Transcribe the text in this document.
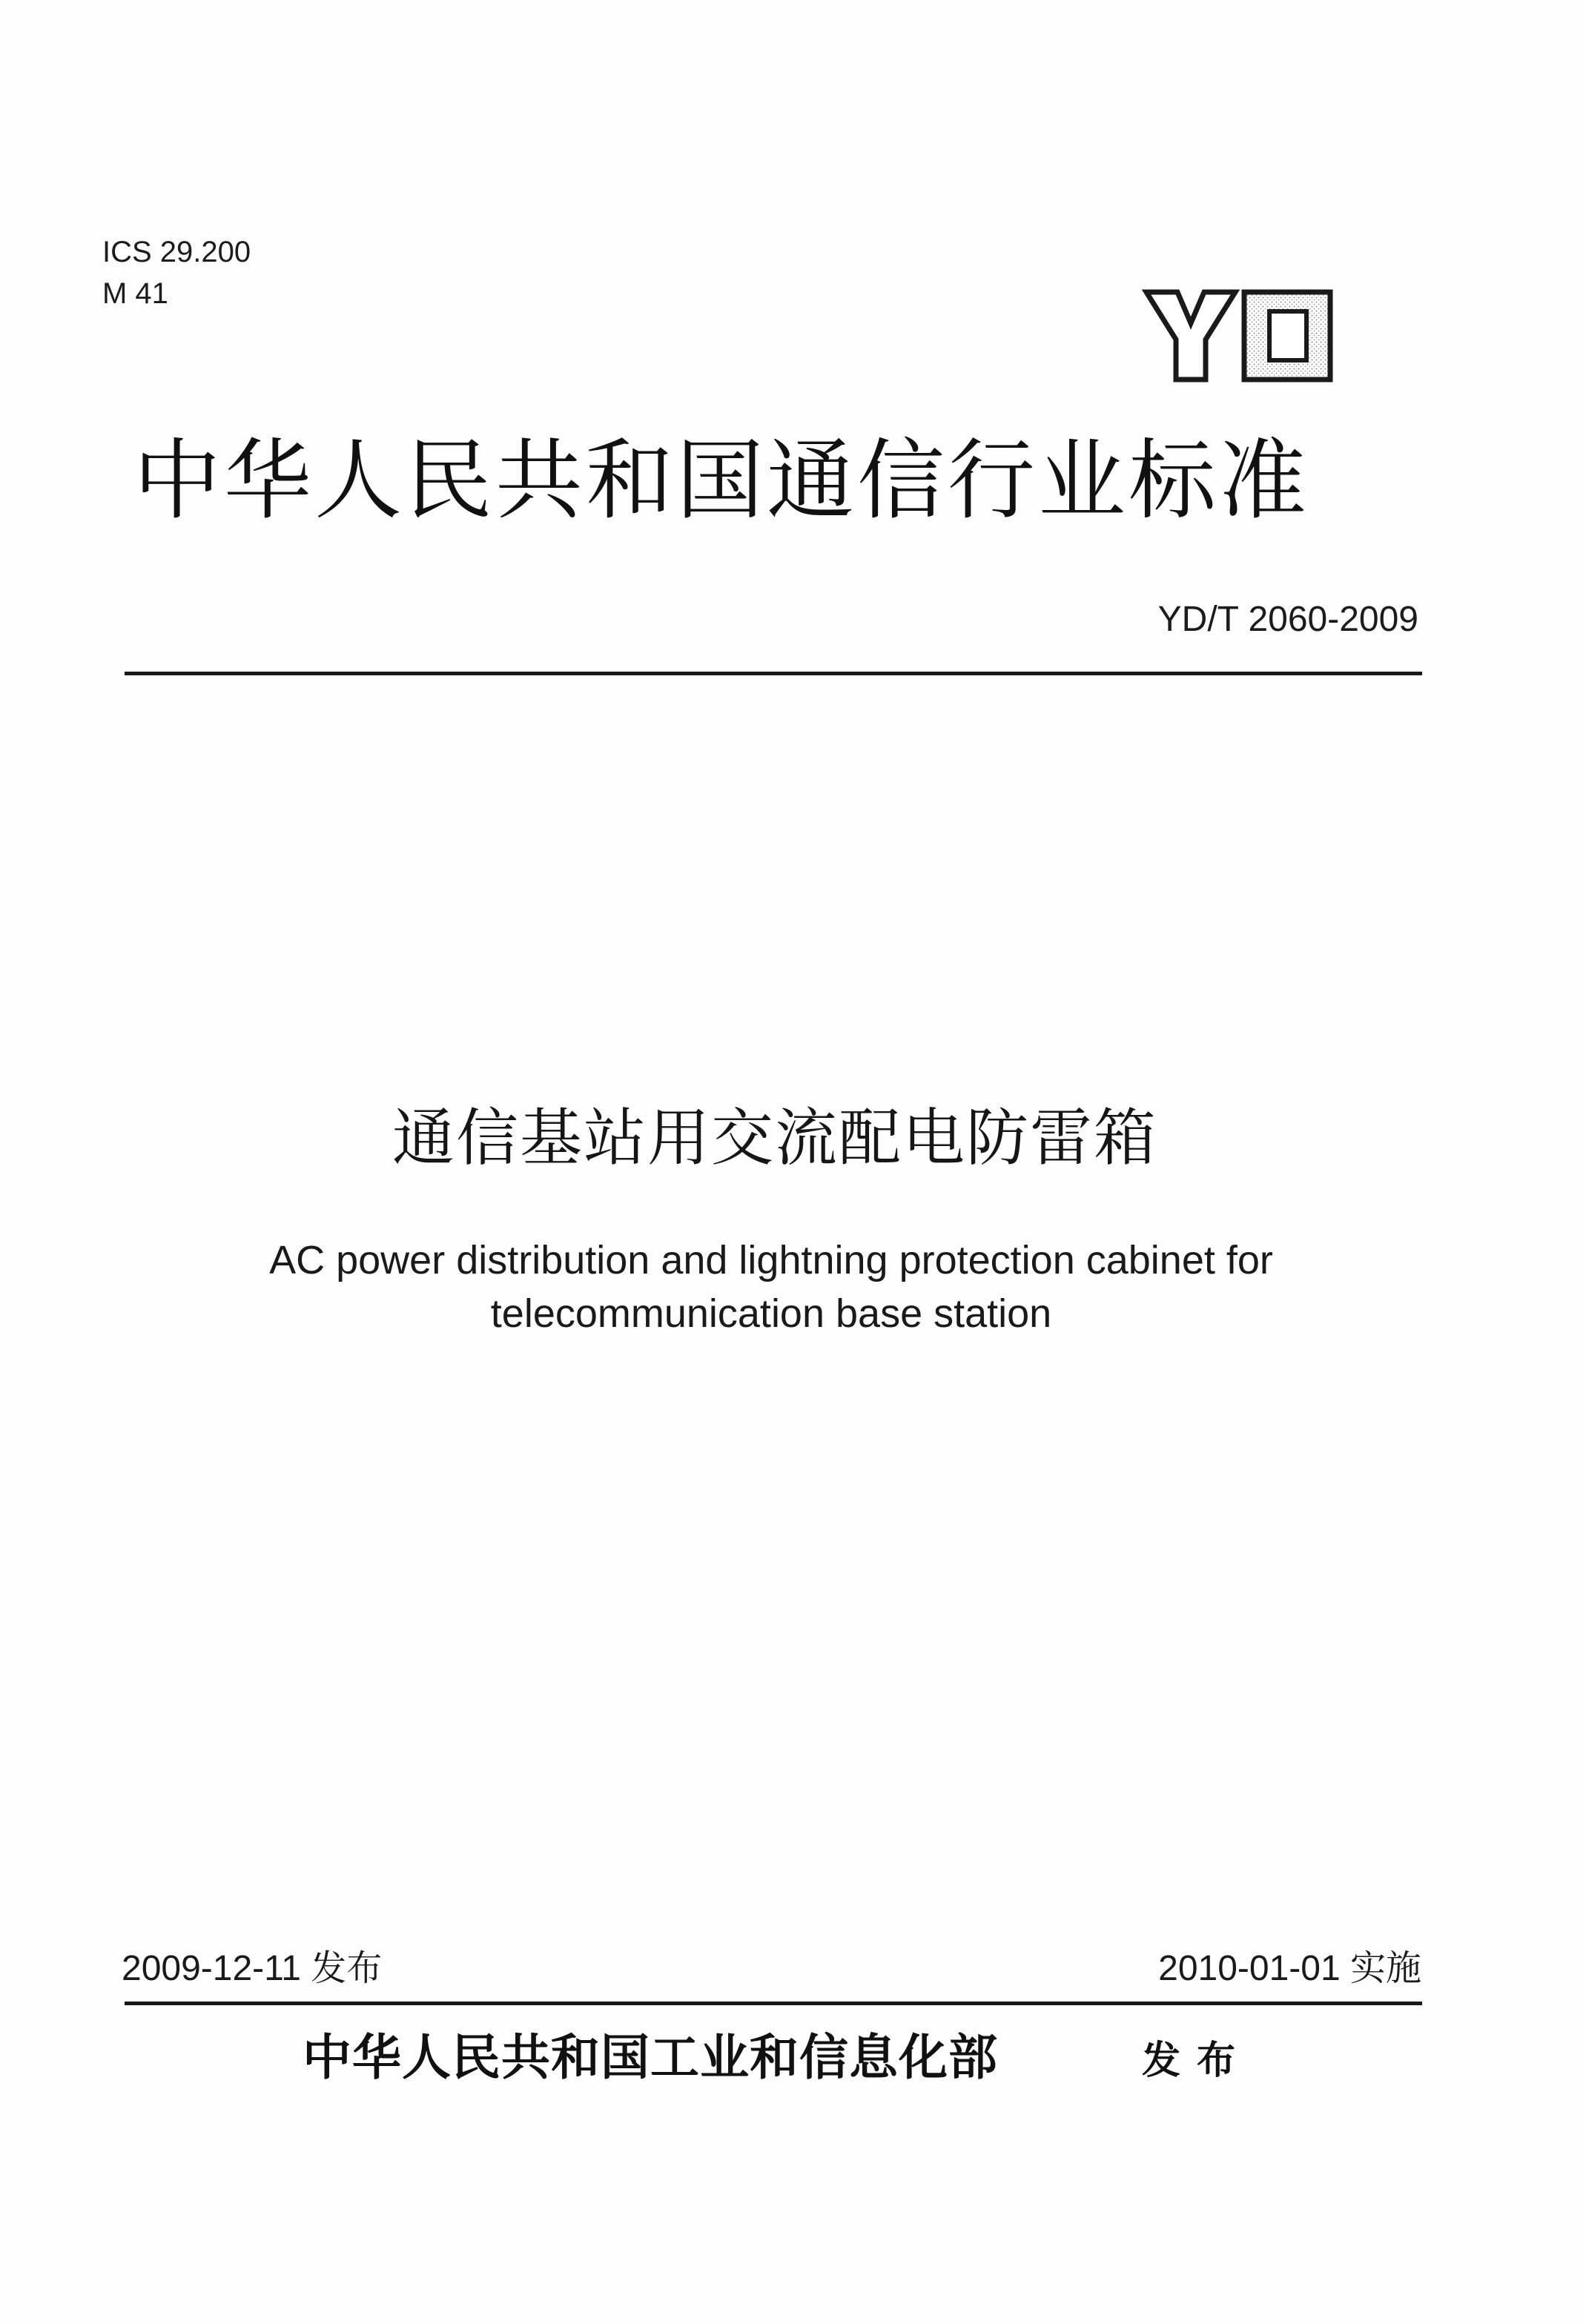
ICS 29.200
M 41
中华人民共和国通信行业标准
YD/T 2060-2009
通信基站用交流配电防雷箱
AC power distribution and lightning protection cabinet for
telecommunication base station
2009-12-11 发布	2010-01-01 实施
中华人民共和国工业和信息化部	发布
